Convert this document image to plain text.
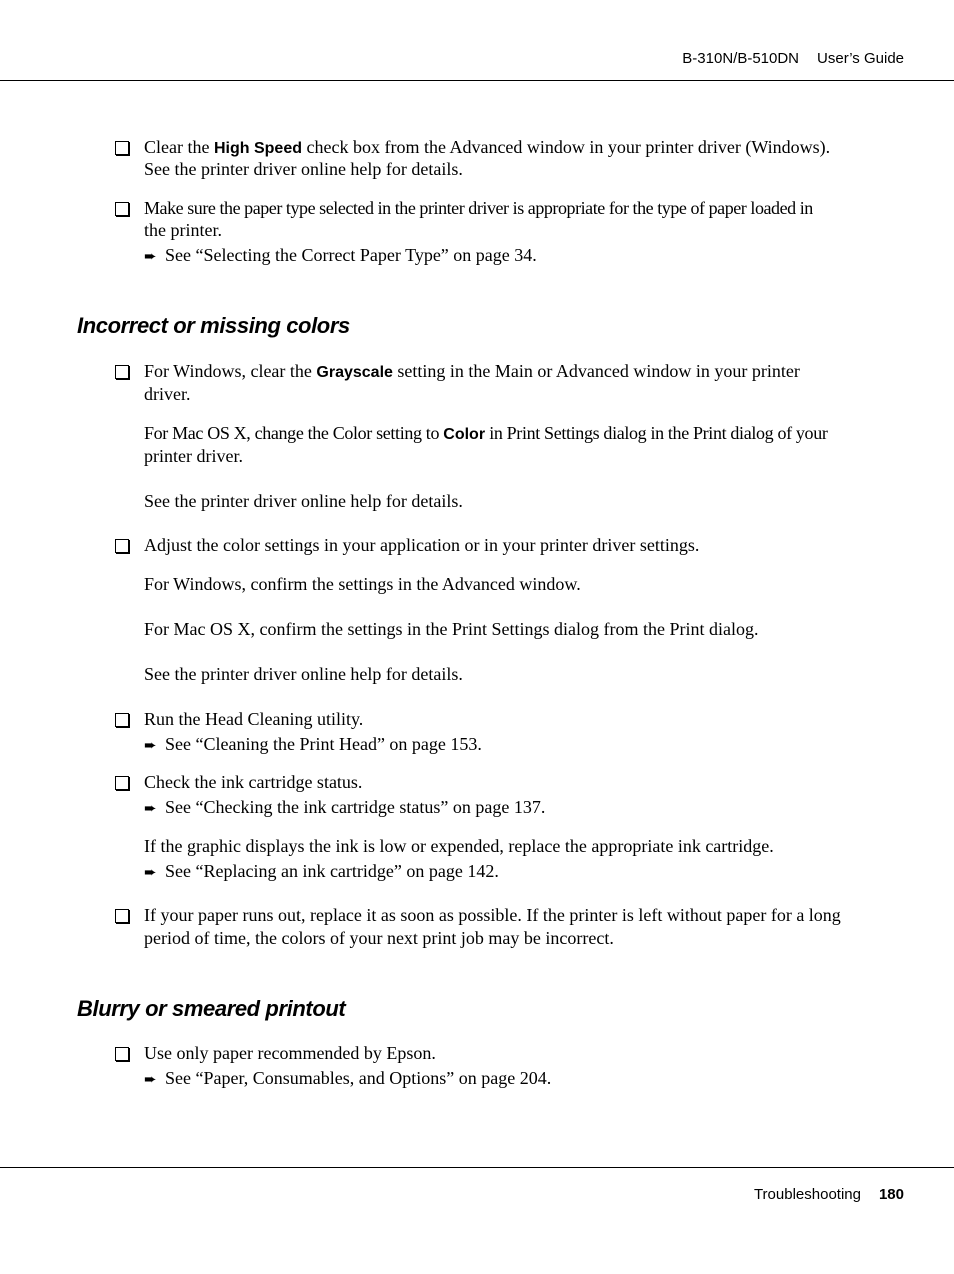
B-310N/B-510DN User’s Guide
Clear the High Speed check box from the Advanced window in your printer driver (Windows).
See the printer driver online help for details.
Make sure the paper type selected in the printer driver is appropriate for the type of paper loaded in
the printer.
➨ See “Selecting the Correct Paper Type” on page 34.
Incorrect or missing colors
For Windows, clear the Grayscale setting in the Main or Advanced window in your printer
driver.
For Mac OS X, change the Color setting to Color in Print Settings dialog in the Print dialog of your
printer driver.
See the printer driver online help for details.
Adjust the color settings in your application or in your printer driver settings.
For Windows, confirm the settings in the Advanced window.
For Mac OS X, confirm the settings in the Print Settings dialog from the Print dialog.
See the printer driver online help for details.
Run the Head Cleaning utility.
➨ See “Cleaning the Print Head” on page 153.
Check the ink cartridge status.
➨ See “Checking the ink cartridge status” on page 137.
If the graphic displays the ink is low or expended, replace the appropriate ink cartridge.
➨ See “Replacing an ink cartridge” on page 142.
If your paper runs out, replace it as soon as possible. If the printer is left without paper for a long
period of time, the colors of your next print job may be incorrect.
Blurry or smeared printout
Use only paper recommended by Epson.
➨ See “Paper, Consumables, and Options” on page 204.
Troubleshooting 180
